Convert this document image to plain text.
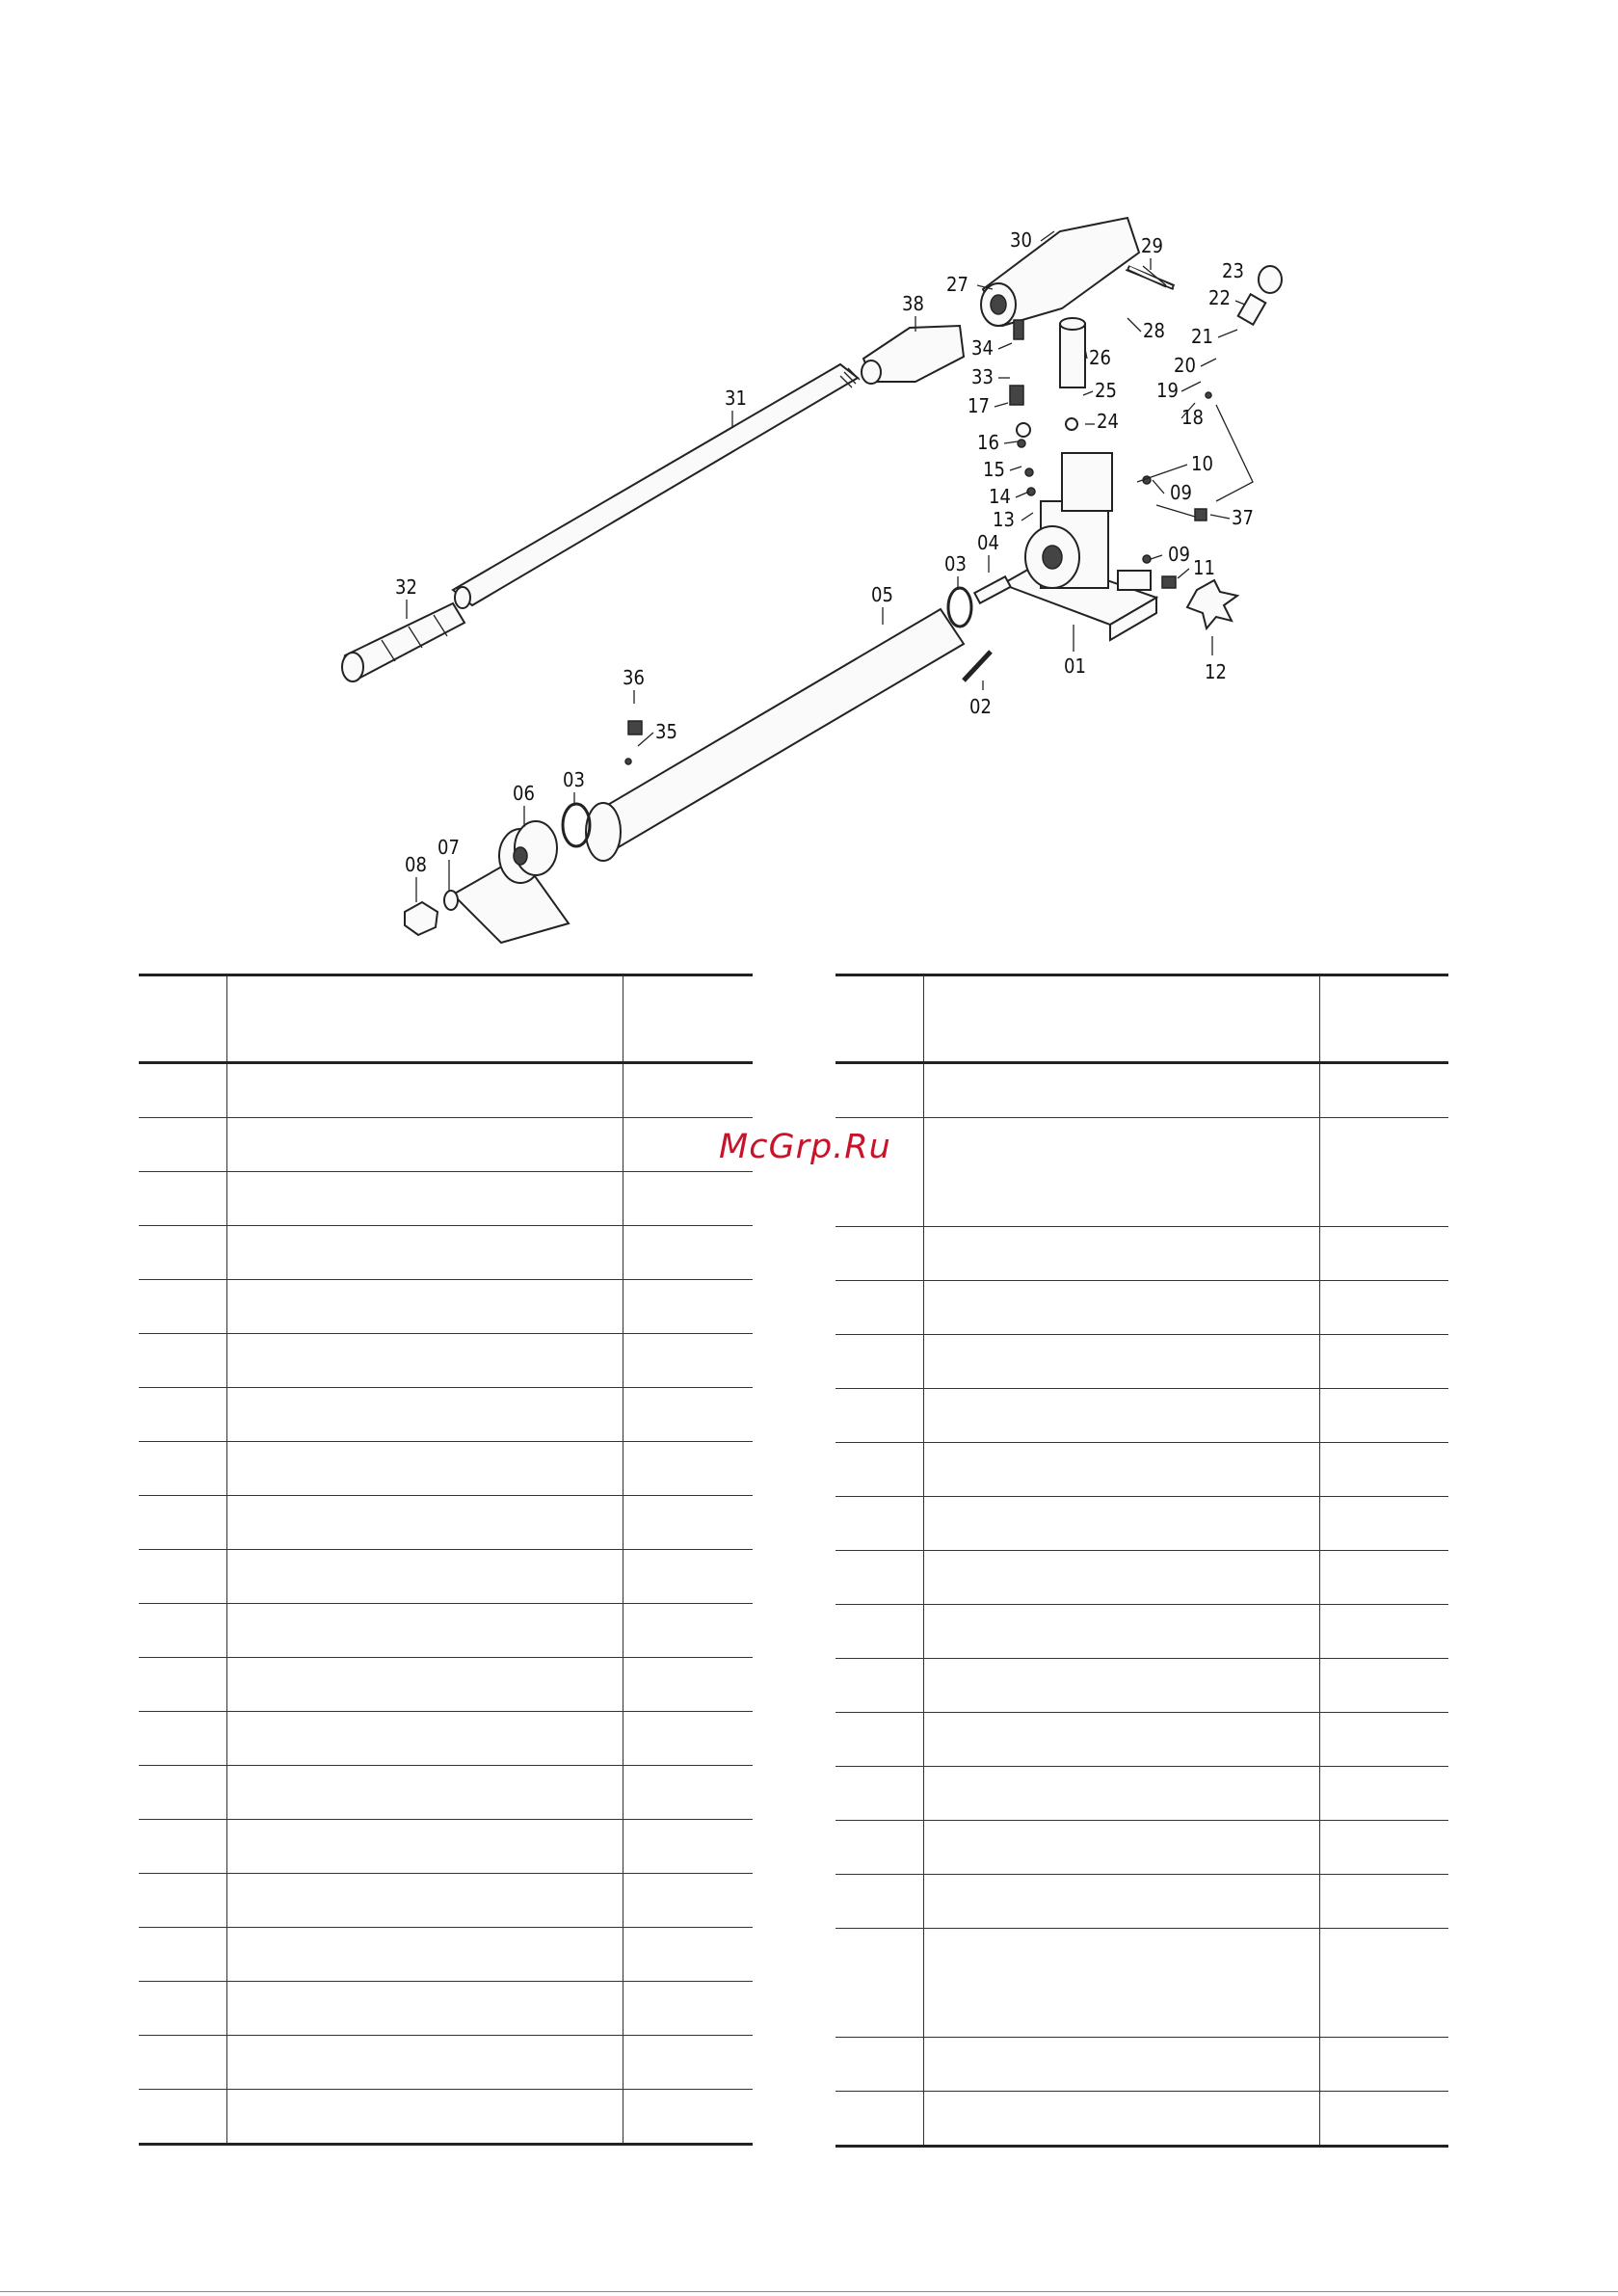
01
02
03
03
04
05
06
07
08
09
09
10
11
12
13
14
15
16
17	18
19
20
21
22
23
24
25
26
27
28
29
30
31
32
33
34
35
36
37
38

McGrp.Ru
